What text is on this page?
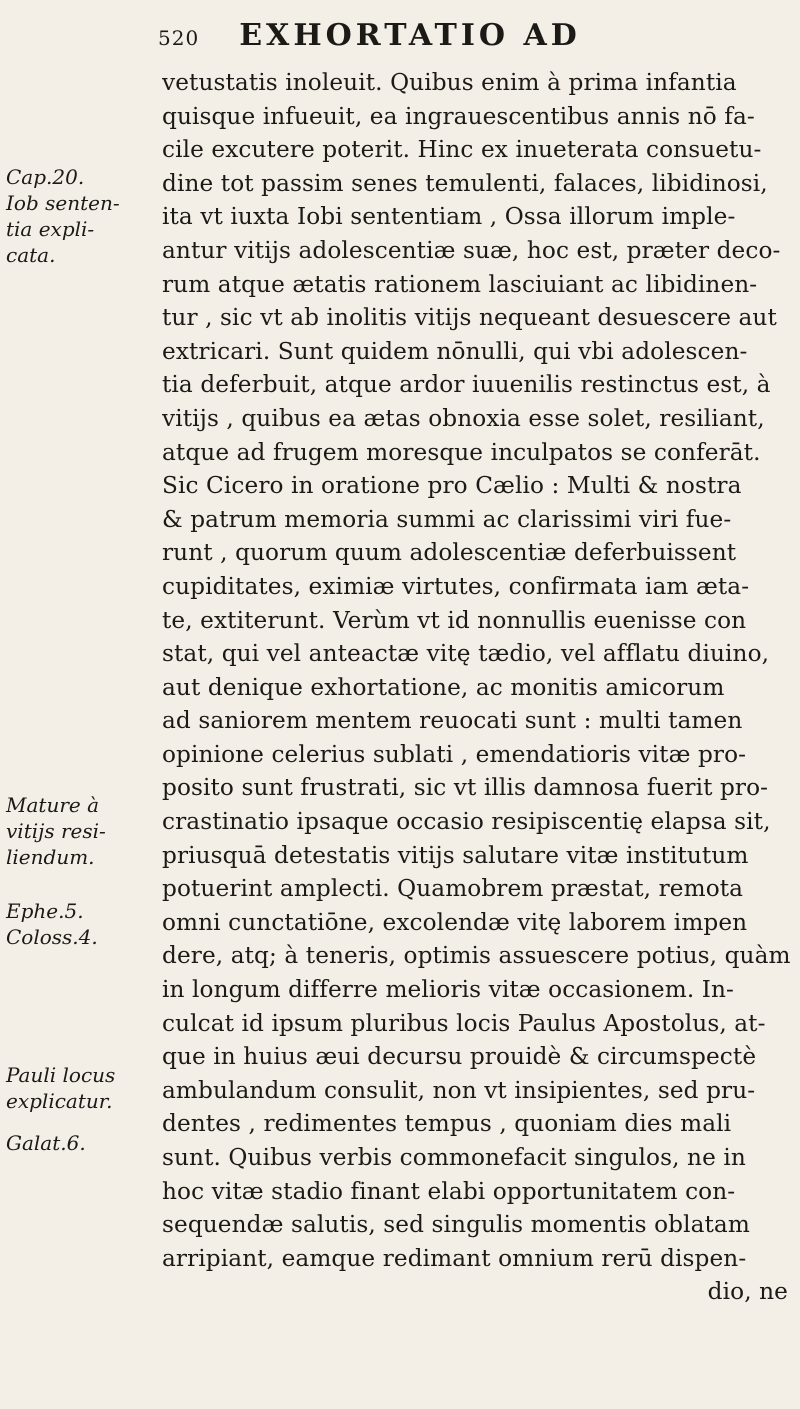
520 EXHORTATIO AD
Cap.20.
Iob senten-
tia expli-
cata.
Mature à
vitijs resi-
liendum.
Ephe.5.
Coloss.4.
Pauli locus
explicatur.
Galat.6.
vetustatis inoleuit. Quibus enim à prima infantia
quisque infueuit, ea ingrauescentibus annis nō fa-
cile excutere poterit. Hinc ex inueterata consuetu-
dine tot passim senes temulenti, falaces, libidinosi,
ita vt iuxta Iobi sententiam , Ossa illorum imple-
antur vitijs adolescentiæ suæ, hoc est, præter deco-
rum atque ætatis rationem lasciuiant ac libidinen-
tur , sic vt ab inolitis vitijs nequeant desuescere aut
extricari. Sunt quidem nōnulli, qui vbi adolescen-
tia deferbuit, atque ardor iuuenilis restinctus est, à
vitijs , quibus ea ætas obnoxia esse solet, resiliant,
atque ad frugem moresque inculpatos se conferāt.
Sic Cicero in oratione pro Cælio : Multi & nostra
& patrum memoria summi ac clarissimi viri fue-
runt , quorum quum adolescentiæ deferbuissent
cupiditates, eximiæ virtutes, confirmata iam æta-
te, extiterunt. Verùm vt id nonnullis euenisse con
stat, qui vel anteactæ vitę tædio, vel afflatu diuino,
aut denique exhortatione, ac monitis amicorum
ad saniorem mentem reuocati sunt : multi tamen
opinione celerius sublati , emendatioris vitæ pro-
posito sunt frustrati, sic vt illis damnosa fuerit pro-
crastinatio ipsaque occasio resipiscentię elapsa sit,
priusquā detestatis vitijs salutare vitæ institutum
potuerint amplecti. Quamobrem præstat, remota
omni cunctatiōne, excolendæ vitę laborem impen
dere, atq; à teneris, optimis assuescere potius, quàm
in longum differre melioris vitæ occasionem. In-
culcat id ipsum pluribus locis Paulus Apostolus, at-
que in huius æui decursu prouidè & circumspectè
ambulandum consulit, non vt insipientes, sed pru-
dentes , redimentes tempus , quoniam dies mali
sunt. Quibus verbis commonefacit singulos, ne in
hoc vitæ stadio finant elabi opportunitatem con-
sequendæ salutis, sed singulis momentis oblatam
arripiant, eamque redimant omnium rerū dispen-
dio, ne
